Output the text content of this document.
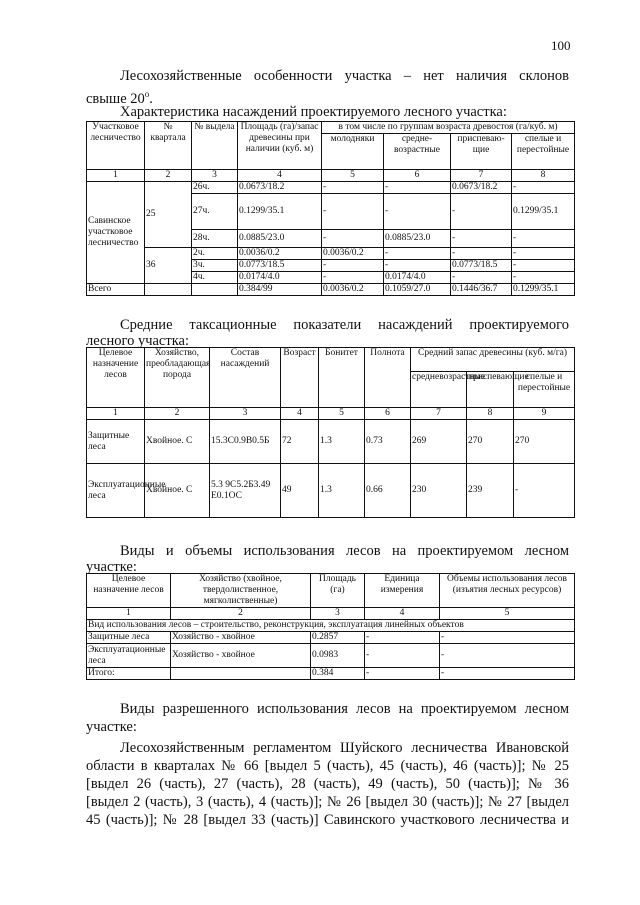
100
Лесохозяйственные особенности участка – нет наличия склонов
свыше $20^о$.
Характеристика насаждений проектируемого лесного участка:
Участковое лесничество	№ квартала	№ выдела	Площадь (га)/запас древесины при наличии (куб. м)	в том числе по группам возраста древостоя (га/куб. м)			
				молодняки	средне-возрастные	приспеваю-щие	спелые и перестойные
1	2	3	4	5	6	7	8
Савинское участковое лесничество	25	26ч.	0.0673/18.2	-	-	0.0673/18.2	-
		27ч.	0.1299/35.1	-	-	-	0.1299/35.1
		28ч.	0.0885/23.0	-	0.0885/23.0	-	-
	36	2ч.	0.0036/0.2	0.0036/0.2	-	-	-
		3ч.	0.0773/18.5	-	-	0.0773/18.5	-
		4ч.	0.0174/4.0	-	0.0174/4.0	-	-
Всего			0.384/99	0.0036/0.2	0.1059/27.0	0.1446/36.7	0.1299/35.1
Средние таксационные показатели насаждений проектируемого
лесного участка:
Целевое назначение лесов	Хозяйство, преобладающая порода	Состав насаждений	Возраст	Бонитет	Полнота	Средний запас древесины (куб. м/га)		
						средневозрастные	приспевающие	спелые и перестойные
1	2	3	4	5	6	7	8	9
Защитные леса	Хвойное. С	15.3С0.9В0.5Б	72	1.3	0.73	269	270	270
Эксплуатационные леса	Хвойное. С	5.3 9С5.2Б3.49 Е0.1ОС	49	1.3	0.66	230	239	-
Виды и объемы использования лесов на проектируемом лесном
участке:
Целевое назначение лесов	Хозяйство (хвойное, твердолиственное, мягколиственные)	Площадь (га)	Единица измерения	Объемы использования лесов (изъятия лесных ресурсов)
1	2	3	4	5
Вид использования лесов – строительство, реконструкция, эксплуатация линейных объектов				
Защитные леса	Хозяйство - хвойное	0.2857	-	-
Эксплуатационные леса	Хозяйство - хвойное	0.0983	-	-
Итого:		0.384	-	-
Виды разрешенного использования лесов на проектируемом лесном
участке:
Лесохозяйственным регламентом Шуйского лесничества Ивановской
области в кварталах № 66 [выдел 5 (часть), 45 (часть), 46 (часть)]; № 25
[выдел 26 (часть), 27 (часть), 28 (часть), 49 (часть), 50 (часть)]; № 36
[выдел 2 (часть), 3 (часть), 4 (часть)]; № 26 [выдел 30 (часть)]; № 27 [выдел
45 (часть)]; № 28 [выдел 33 (часть)] Савинского участкового лесничества и
